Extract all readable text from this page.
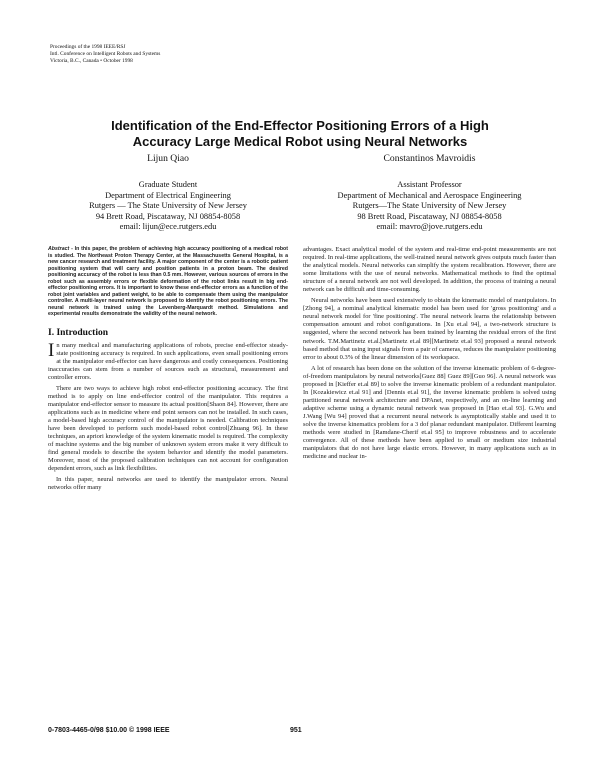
Proceedings of the 1998 IEEE/RSJ
Intl. Conference on Intelligent Robots and Systems
Victoria, B.C., Canada • October 1998
Identification of the End-Effector Positioning Errors of a High
Accuracy Large Medical Robot using Neural Networks
Lijun Qiao
Graduate Student
Department of Electrical Engineering
Rutgers — The State University of New Jersey
94 Brett Road, Piscataway, NJ 08854-8058
email: lijun@ece.rutgers.edu
Constantinos Mavroidis
Assistant Professor
Department of Mechanical and Aerospace Engineering
Rutgers—The State University of New Jersey
98 Brett Road, Piscataway, NJ 08854-8058
email: mavro@jove.rutgers.edu
Abstract - In this paper, the problem of achieving high accuracy positioning of a medical robot is studied. The Northeast Proton Therapy Center, at the Massachusetts General Hospital, is a new cancer research and treatment facility. A major component of the center is a robotic patient positioning system that will carry and position patients in a proton beam. The desired positioning accuracy of the robot is less than 0.5 mm. However, various sources of errors in the robot such as assembly errors or flexible deformation of the robot links result in big end-effector positioning errors. It is important to know these end-effector errors as a function of the robot joint variables and patient weight, to be able to compensate them using the manipulator controller. A multi-layer neural network is proposed to identify the robot positioning errors. The neural network is trained using the Levenberg-Marquardt method. Simulations and experimental results demonstrate the validity of the neural network.
I. Introduction

In many medical and manufacturing applications of robots, precise end-effector steady-state positioning accuracy is required. In such applications, even small positioning errors at the manipulator end-effector can have dangerous and costly consequences. Positioning inaccuracies can stem from a number of sources such as structural, measurement and controller errors.

There are two ways to achieve high robot end-effector positioning accuracy. The first method is to apply on line end-effector control of the manipulator. This requires a manipulator end-effector sensor to measure its actual position[Shaon 84]. However, there are applications such as in medicine where end point sensors can not be installed. In such cases, a model-based high accuracy control of the manipulator is needed. Calibration techniques have been developed to perform such model-based robot control[Zhuang 96]. In these techniques, an apriori knowledge of the system kinematic model is required. The complexity of machine systems and the big number of unknown system errors make it very difficult to find general models to describe the system behavior and identify the model parameters. Moreover, most of the proposed calibration techniques can not account for configuration dependent errors, such as link flexibilities.

In this paper, neural networks are used to identify the manipulator errors. Neural networks offer many

advantages. Exact analytical model of the system and real-time end-point measurements are not required. In real-time applications, the well-trained neural network gives outputs much faster than the analytical models. Neural networks can simplify the system recalibration. However, there are some limitations with the use of neural networks. Mathematical methods to find the optimal structure of a neural network are not well developed. In addition, the process of training a neural network can be difficult and time-consuming.

Neural networks have been used extensively to obtain the kinematic model of manipulators. In [Zhong 94], a nominal analytical kinematic model has been used for 'gross positioning' and a neural network model for 'fine positioning'. The neural network learns the relationship between compensation amount and robot configurations. In [Xu et.al 94], a two-network structure is suggested, where the second network has been trained by learning the residual errors of the first network. T.M.Martinetz et.al.[Martinetz et.al 89][Martinetz et.al 93] proposed a neural network based method that using input signals from a pair of cameras, reduces the manipulator positioning error to about 0.3% of the linear dimension of its workspace.

A lot of research has been done on the solution of the inverse kinematic problem of 6-degree-of-freedom manipulators by neural networks[Guez 88] Guez 89][Guo 96]. A neural network was proposed in [Kieffer et.al 89] to solve the inverse kinematic problem of a redundant manipulator. In [Kozakiewicz et.al 91] and [Dennis et.al 91], the inverse kinematic problem is solved using partitioned neural network architecture and DPAnet, respectively, and an on-line learning and adaptive scheme using a dynamic neural network was proposed in [Hao et.al 93]. G.Wu and J.Wang [Wu 94] proved that a recurrent neural network is asymptotically stable and used it to solve the inverse kinematics problem for a 3 dof planar redundant manipulator. Different learning methods were studied in [Ramdane-Cherif et.al 95] to improve robustness and to accelerate convergence. All of these methods have been applied to small or medium size industrial manipulators that do not have large elastic errors. However, in many applications such as in medicine and nuclear in-

0-7803-4465-0/98 $10.00 © 1998 IEEE	951
